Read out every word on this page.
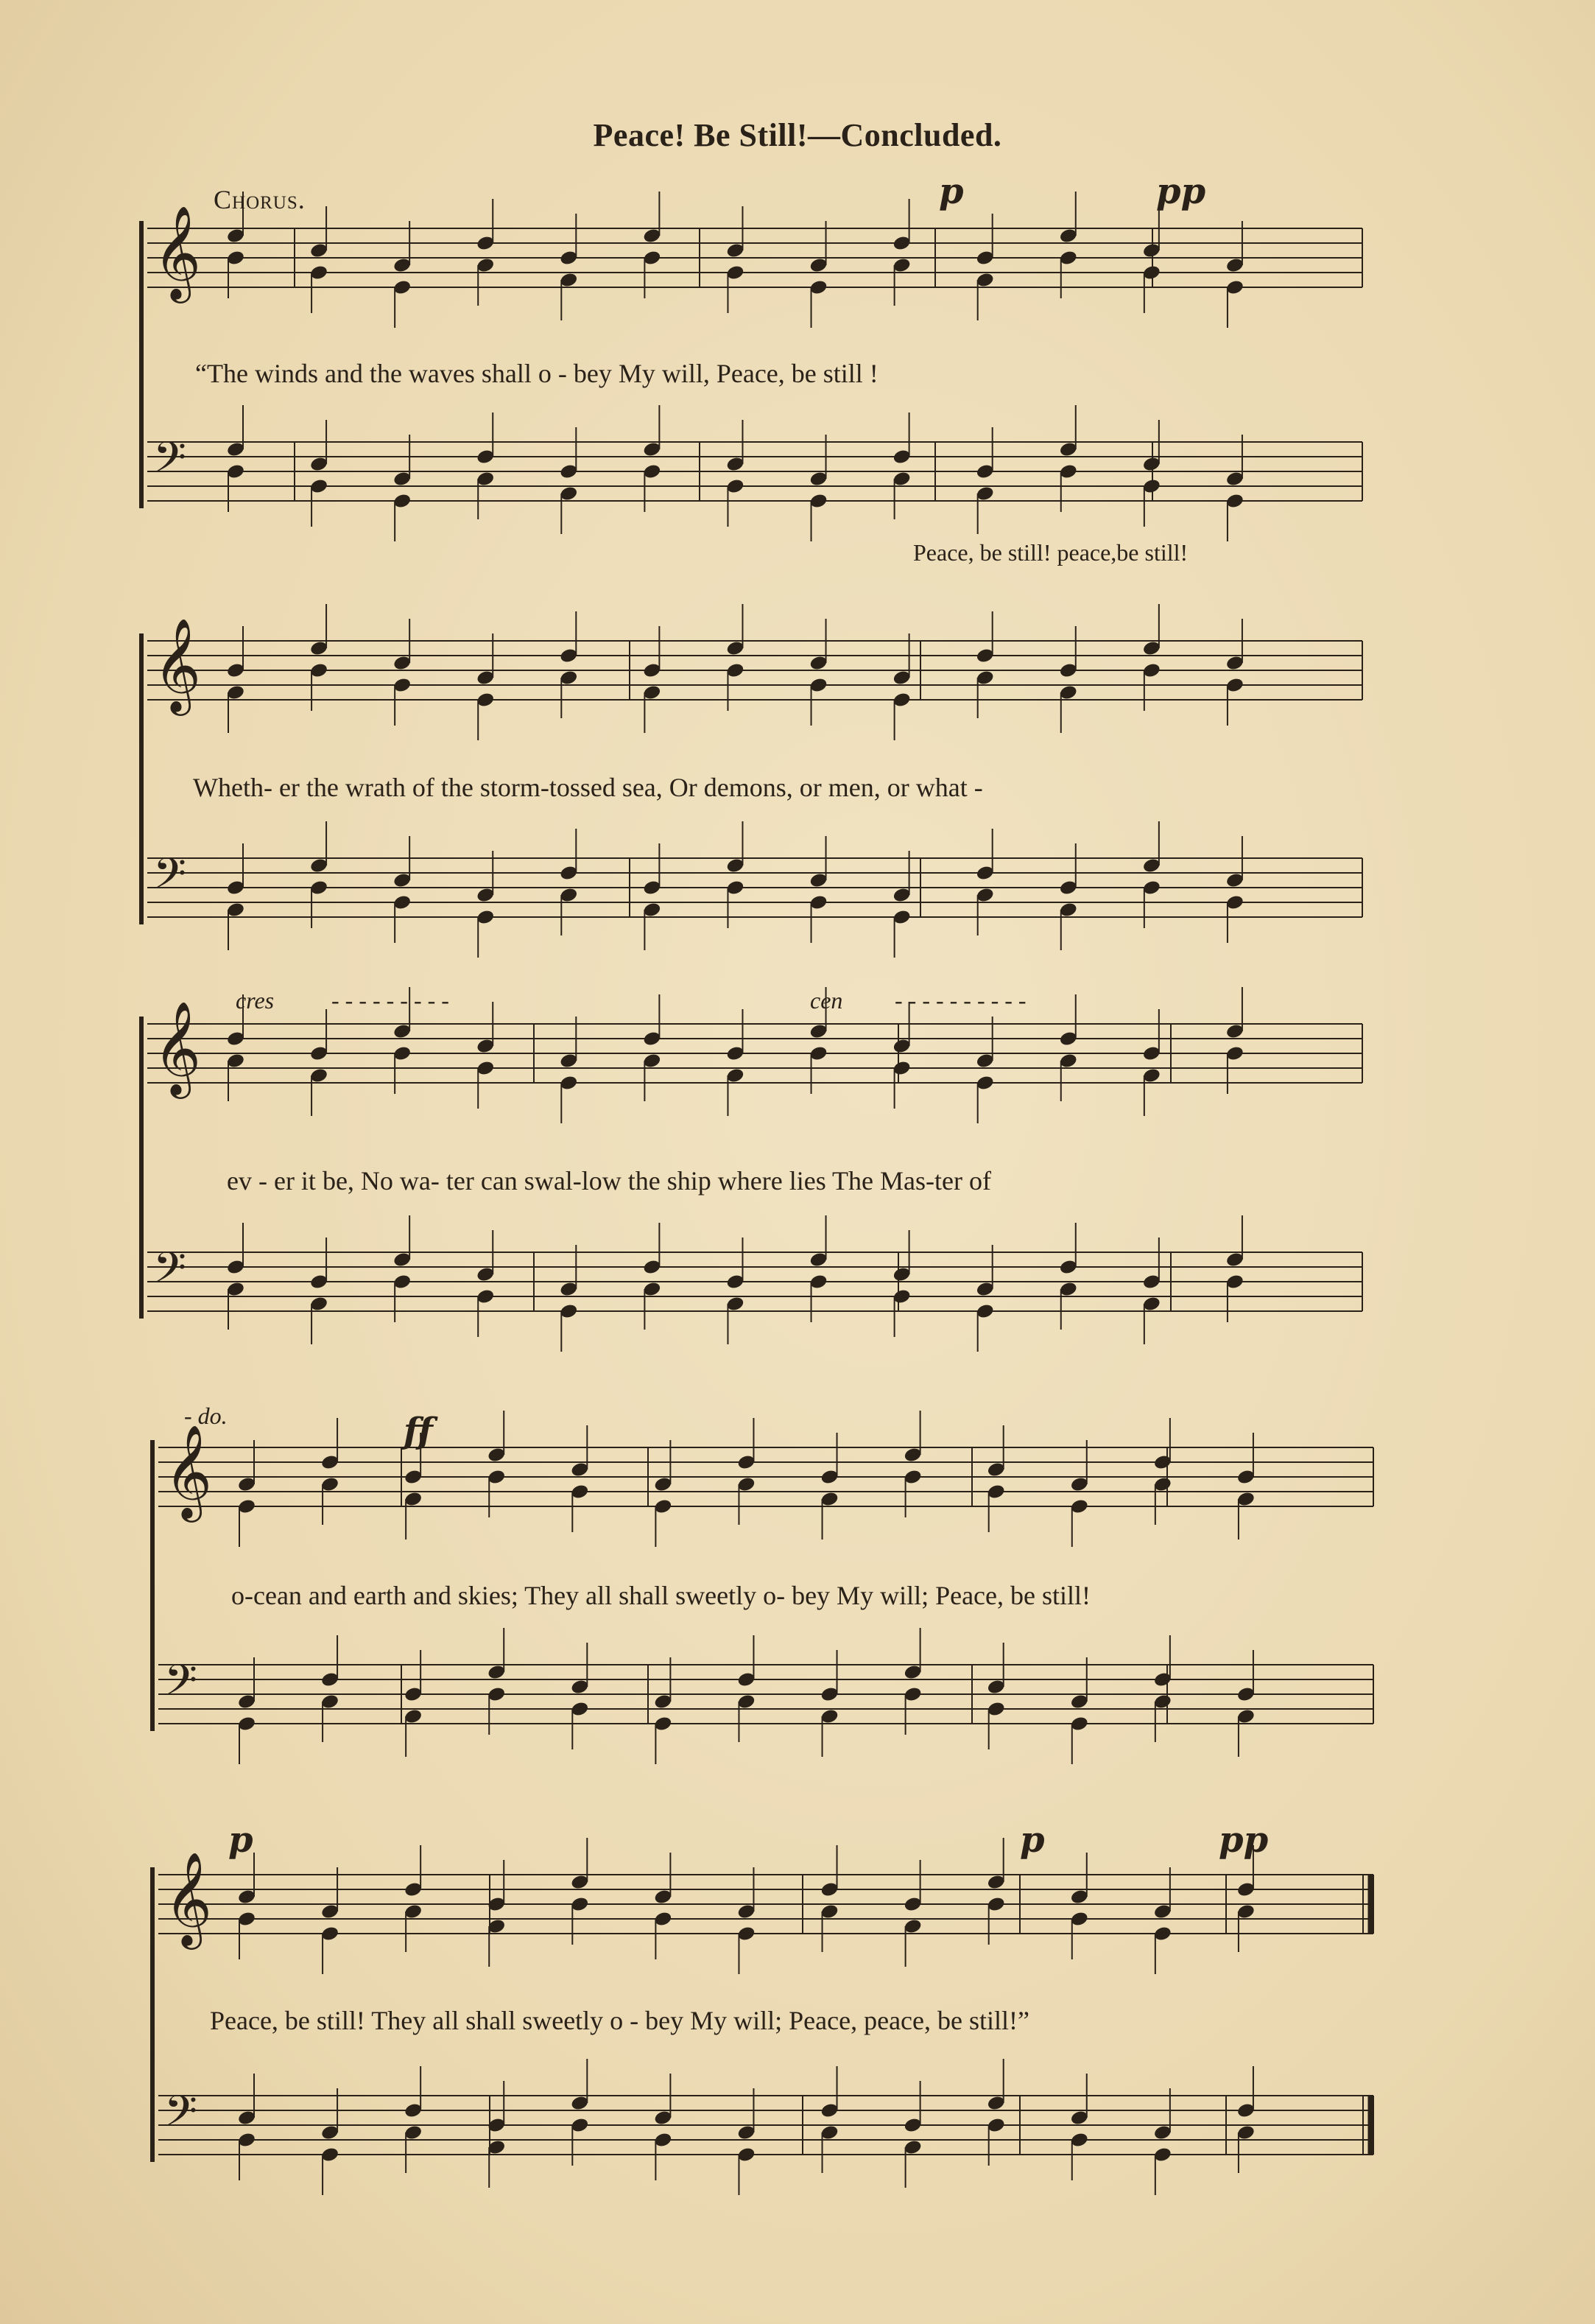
𝄞
𝄢
𝄞
𝄢
𝄞
𝄢
𝄞
𝄢
𝄞
𝄢
Peace! Be Still!—Concluded.
Chorus.	p	pp
“The winds and the waves shall o - bey My will, Peace, be still !
Peace, be still! peace,be still!
Wheth- er the wrath of the storm-tossed sea, Or demons, or men, or what -
cres - - - - - - - - -	cen - - - - - - - - - -
ev - er it be, No wa- ter can swal-low the ship where lies The Mas-ter of
- do.	ff
o-cean and earth and skies; They all shall sweetly o- bey My will; Peace, be still!
p	p	pp
Peace, be still! They all shall sweetly o - bey My will; Peace, peace, be still!”
